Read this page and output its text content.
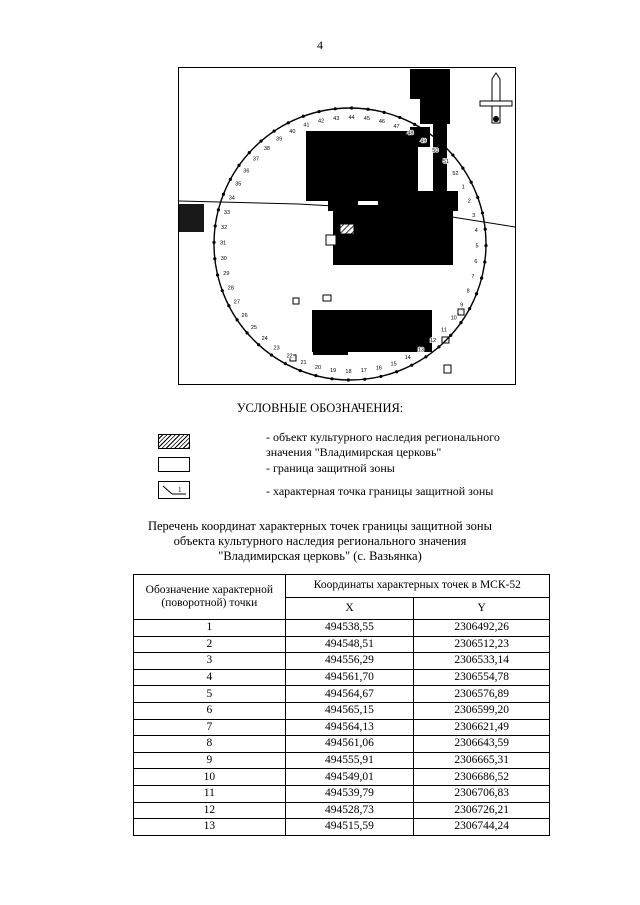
4
1
2
3
4
5
6
7
8
9
10
11
12
13
14
15
16
17
18
19
20
21
22
23
24
25
26
27
28
29
30
31
32
33
34
35
36
37
38
39
40
41
42 43 44 45 46
47
48
49
50
51
52
УСЛОВНЫЕ ОБОЗНАЧЕНИЯ:
- объект культурного наследия регионального
значения "Владимирская церковь"
- граница защитной зоны
1	- характерная точка границы защитной зоны
Перечень координат характерных точек границы защитной зоны
объекта культурного наследия регионального значения
"Владимирская церковь" (с. Вазьянка)
Обозначение характерной (поворотной) точки	Координаты характерных точек в МСК-52	
	X	Y
1	494538,55	2306492,26
2	494548,51	2306512,23
3	494556,29	2306533,14
4	494561,70	2306554,78
5	494564,67	2306576,89
6	494565,15	2306599,20
7	494564,13	2306621,49
8	494561,06	2306643,59
9	494555,91	2306665,31
10	494549,01	2306686,52
11	494539,79	2306706,83
12	494528,73	2306726,21
13	494515,59	2306744,24
